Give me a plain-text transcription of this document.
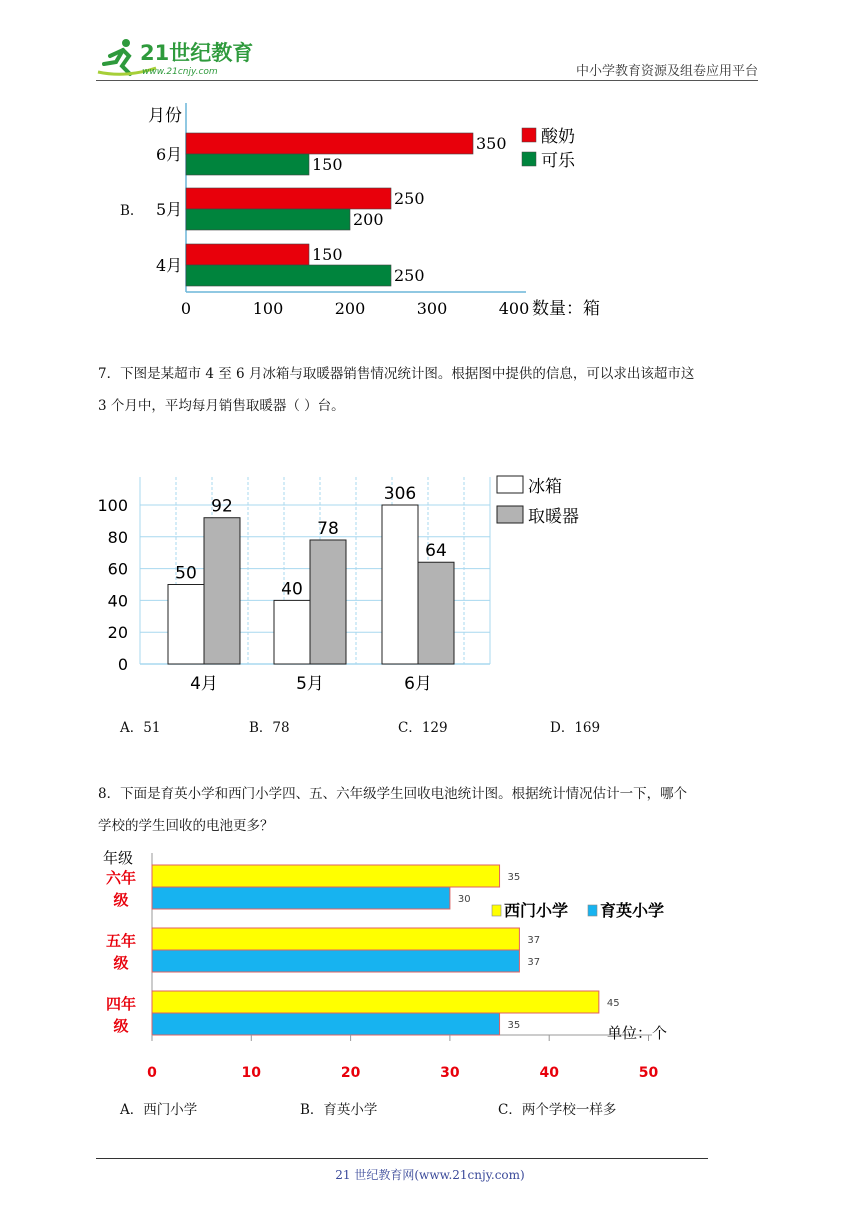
21世纪教育
www.21cnjy.com	中小学教育资源及组卷应用平台
B.
月份
6月
350
150
5月
250
200
4月
150
250
0	100	200	300	400 数量：箱
酸奶
可乐
7．下图是某超市 4 至 6 月冰箱与取暖器销售情况统计图。根据图中提供的信息，可以求出该超市这
3 个月中，平均每月销售取暖器（ ）台。
0
20
40
60
80
100
50
92
4月
40
78
5月
306
64
6月
冰箱
取暖器
A．51	B．78	C．129	D．169
8．下面是育英小学和西门小学四、五、六年级学生回收电池统计图。根据统计情况估计一下，哪个
学校的学生回收的电池更多？
年级
六年
级
35
30
五年
级
37
37
四年
级
45
35
0	10	20	30	40	50
单位：个
西门小学 育英小学
A．西门小学	B．育英小学	C．两个学校一样多
21 世纪教育网(www.21cnjy.com)
